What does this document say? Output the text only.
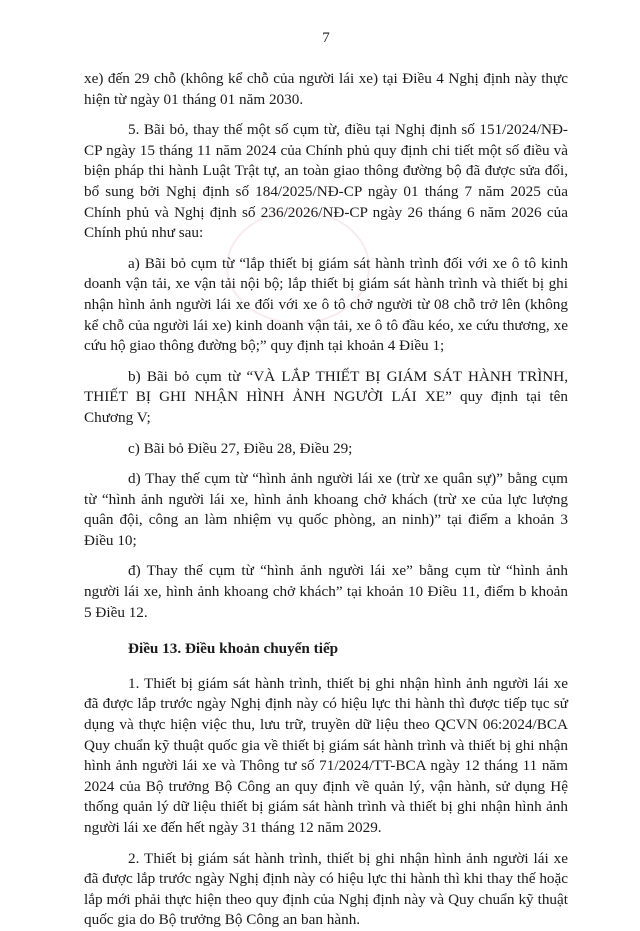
7

xe) đến 29 chỗ (không kể chỗ của người lái xe) tại Điều 4 Nghị định này thực hiện từ ngày 01 tháng 01 năm 2030.

5. Bãi bỏ, thay thế một số cụm từ, điều tại Nghị định số 151/2024/NĐ-CP ngày 15 tháng 11 năm 2024 của Chính phủ quy định chi tiết một số điều và biện pháp thi hành Luật Trật tự, an toàn giao thông đường bộ đã được sửa đổi, bổ sung bởi Nghị định số 184/2025/NĐ-CP ngày 01 tháng 7 năm 2025 của Chính phủ và Nghị định số 236/2026/NĐ-CP ngày 26 tháng 6 năm 2026 của Chính phủ như sau:

a) Bãi bỏ cụm từ “lắp thiết bị giám sát hành trình đối với xe ô tô kinh doanh vận tải, xe vận tải nội bộ; lắp thiết bị giám sát hành trình và thiết bị ghi nhận hình ảnh người lái xe đối với xe ô tô chở người từ 08 chỗ trở lên (không kể chỗ của người lái xe) kinh doanh vận tải, xe ô tô đầu kéo, xe cứu thương, xe cứu hộ giao thông đường bộ;” quy định tại khoản 4 Điều 1;

b) Bãi bỏ cụm từ “VÀ LẮP THIẾT BỊ GIÁM SÁT HÀNH TRÌNH, THIẾT BỊ GHI NHẬN HÌNH ẢNH NGƯỜI LÁI XE” quy định tại tên Chương V;

c) Bãi bỏ Điều 27, Điều 28, Điều 29;

d) Thay thế cụm từ “hình ảnh người lái xe (trừ xe quân sự)” bằng cụm từ “hình ảnh người lái xe, hình ảnh khoang chở khách (trừ xe của lực lượng quân đội, công an làm nhiệm vụ quốc phòng, an ninh)” tại điểm a khoản 3 Điều 10;

đ) Thay thế cụm từ “hình ảnh người lái xe” bằng cụm từ “hình ảnh người lái xe, hình ảnh khoang chở khách” tại khoản 10 Điều 11, điểm b khoản 5 Điều 12.

Điều 13. Điều khoản chuyển tiếp

1. Thiết bị giám sát hành trình, thiết bị ghi nhận hình ảnh người lái xe đã được lắp trước ngày Nghị định này có hiệu lực thi hành thì được tiếp tục sử dụng và thực hiện việc thu, lưu trữ, truyền dữ liệu theo QCVN 06:2024/BCA Quy chuẩn kỹ thuật quốc gia về thiết bị giám sát hành trình và thiết bị ghi nhận hình ảnh người lái xe và Thông tư số 71/2024/TT-BCA ngày 12 tháng 11 năm 2024 của Bộ trưởng Bộ Công an quy định về quản lý, vận hành, sử dụng Hệ thống quản lý dữ liệu thiết bị giám sát hành trình và thiết bị ghi nhận hình ảnh người lái xe đến hết ngày 31 tháng 12 năm 2029.

2. Thiết bị giám sát hành trình, thiết bị ghi nhận hình ảnh người lái xe đã được lắp trước ngày Nghị định này có hiệu lực thi hành thì khi thay thế hoặc lắp mới phải thực hiện theo quy định của Nghị định này và Quy chuẩn kỹ thuật quốc gia do Bộ trưởng Bộ Công an ban hành.
